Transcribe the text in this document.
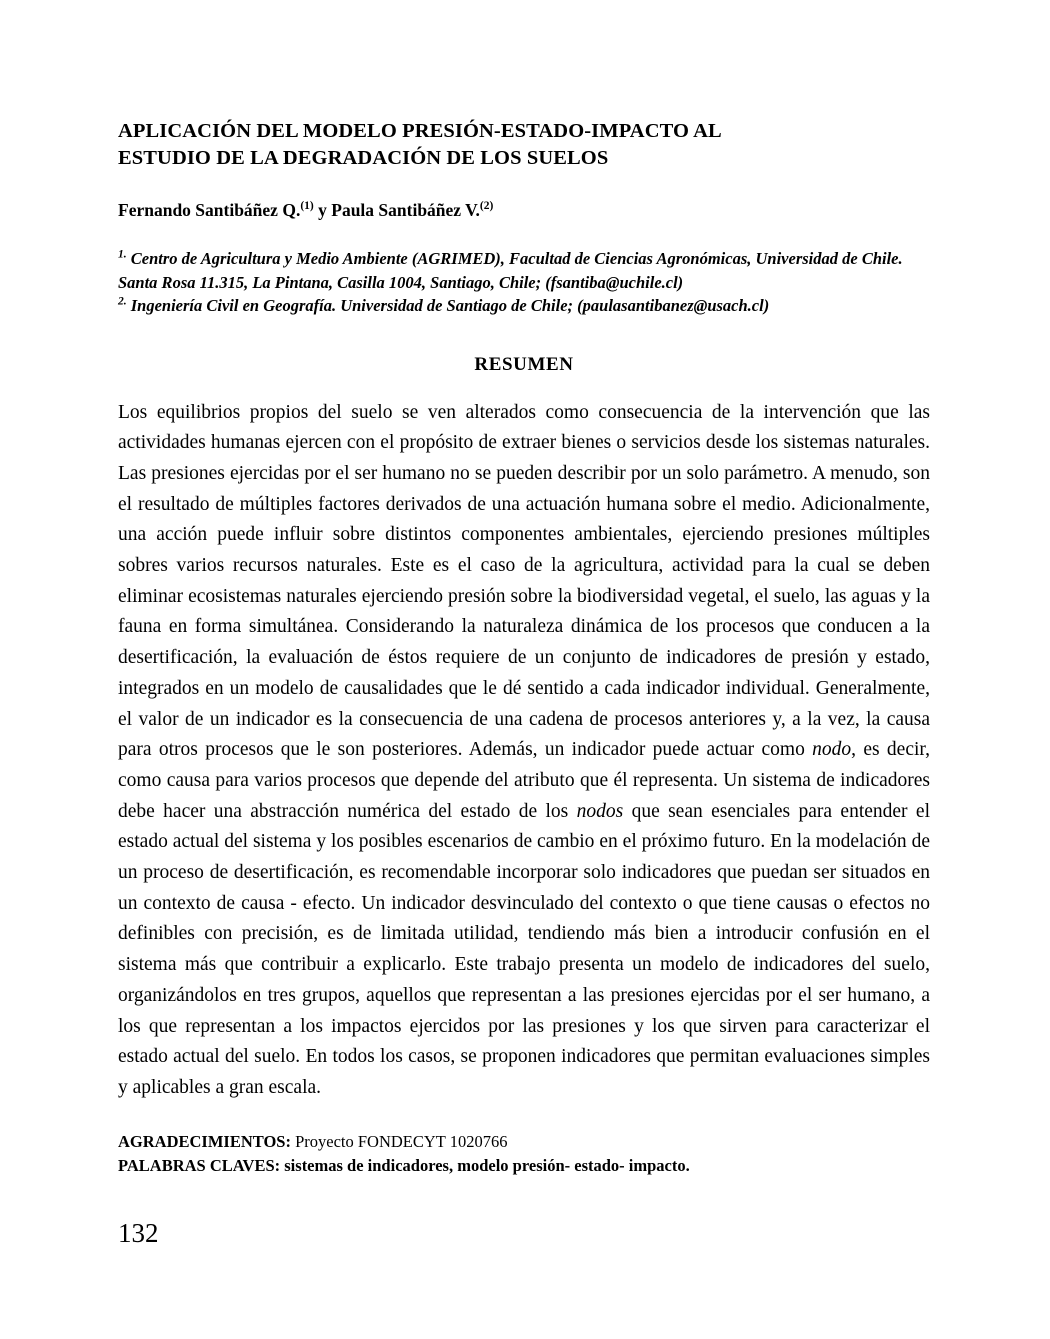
APLICACIÓN DEL MODELO PRESIÓN-ESTADO-IMPACTO AL
ESTUDIO DE LA DEGRADACIÓN DE LOS SUELOS
Fernando Santibáñez Q.$^{(1)}$ y Paula Santibáñez V.$^{(2)}$

$^{1.}$ Centro de Agricultura y Medio Ambiente (AGRIMED), Facultad de Ciencias Agronómicas, Universidad de Chile. Santa Rosa 11.315, La Pintana, Casilla 1004, Santiago, Chile; (fsantiba@uchile.cl)

$^{2.}$ Ingeniería Civil en Geografía. Universidad de Santiago de Chile; (paulasantibanez@usach.cl)

RESUMEN

Los equilibrios propios del suelo se ven alterados como consecuencia de la intervención que las actividades humanas ejercen con el propósito de extraer bienes o servicios desde los sistemas naturales. Las presiones ejercidas por el ser humano no se pueden describir por un solo parámetro. A menudo, son el resultado de múltiples factores derivados de una actuación humana sobre el medio. Adicionalmente, una acción puede influir sobre distintos componentes ambientales, ejerciendo presiones múltiples sobres varios recursos naturales. Este es el caso de la agricultura, actividad para la cual se deben eliminar ecosistemas naturales ejerciendo presión sobre la biodiversidad vegetal, el suelo, las aguas y la fauna en forma simultánea. Considerando la naturaleza dinámica de los procesos que conducen a la desertificación, la evaluación de éstos requiere de un conjunto de indicadores de presión y estado, integrados en un modelo de causalidades que le dé sentido a cada indicador individual. Generalmente, el valor de un indicador es la consecuencia de una cadena de procesos anteriores y, a la vez, la causa para otros procesos que le son posteriores. Además, un indicador puede actuar como nodo, es decir, como causa para varios procesos que depende del atributo que él representa. Un sistema de indicadores debe hacer una abstracción numérica del estado de los nodos que sean esenciales para entender el estado actual del sistema y los posibles escenarios de cambio en el próximo futuro. En la modelación de un proceso de desertificación, es recomendable incorporar solo indicadores que puedan ser situados en un contexto de causa - efecto. Un indicador desvinculado del contexto o que tiene causas o efectos no definibles con precisión, es de limitada utilidad, tendiendo más bien a introducir confusión en el sistema más que contribuir a explicarlo. Este trabajo presenta un modelo de indicadores del suelo, organizándolos en tres grupos, aquellos que representan a las presiones ejercidas por el ser humano, a los que representan a los impactos ejercidos por las presiones y los que sirven para caracterizar el estado actual del suelo. En todos los casos, se proponen indicadores que permitan evaluaciones simples y aplicables a gran escala.

AGRADECIMIENTOS: Proyecto FONDECYT 1020766
PALABRAS CLAVES: sistemas de indicadores, modelo presión- estado- impacto.
132
